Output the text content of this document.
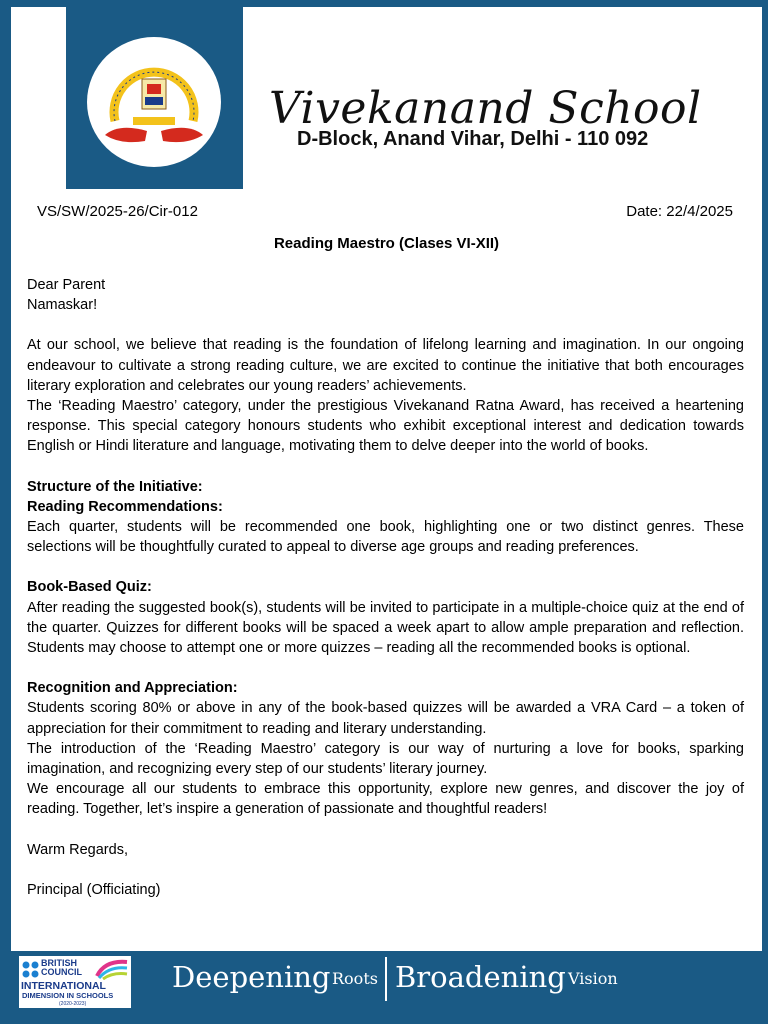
Vivekanand School
D-Block, Anand Vihar, Delhi - 110 092
VS/SW/2025-26/Cir-012	Date: 22/4/2025
Reading Maestro (Clases VI-XII)

Dear Parent

Namaskar!

At our school, we believe that reading is the foundation of lifelong learning and imagination. In our ongoing endeavour to cultivate a strong reading culture, we are excited to continue the initiative that both encourages literary exploration and celebrates our young readers’ achievements.

The ‘Reading Maestro’ category, under the prestigious Vivekanand Ratna Award, has received a heartening response. This special category honours students who exhibit exceptional interest and dedication towards English or Hindi literature and language, motivating them to delve deeper into the world of books.

Structure of the Initiative:

Reading Recommendations:

Each quarter, students will be recommended one book, highlighting one or two distinct genres. These selections will be thoughtfully curated to appeal to diverse age groups and reading preferences.

Book-Based Quiz:

After reading the suggested book(s), students will be invited to participate in a multiple-choice quiz at the end of the quarter. Quizzes for different books will be spaced a week apart to allow ample preparation and reflection. Students may choose to attempt one or more quizzes – reading all the recommended books is optional.

Recognition and Appreciation:

Students scoring 80% or above in any of the book-based quizzes will be awarded a VRA Card – a token of appreciation for their commitment to reading and literary understanding.

The introduction of the ‘Reading Maestro’ category is our way of nurturing a love for books, sparking imagination, and recognizing every step of our students’ literary journey.

We encourage all our students to embrace this opportunity, explore new genres, and discover the joy of reading. Together, let’s inspire a generation of passionate and thoughtful readers!

Warm Regards,

Principal (Officiating)

BRITISH COUNCIL
INTERNATIONAL
DIMENSION IN SCHOOLS
(2020-2023)
Deepening Roots Broadening Vision
